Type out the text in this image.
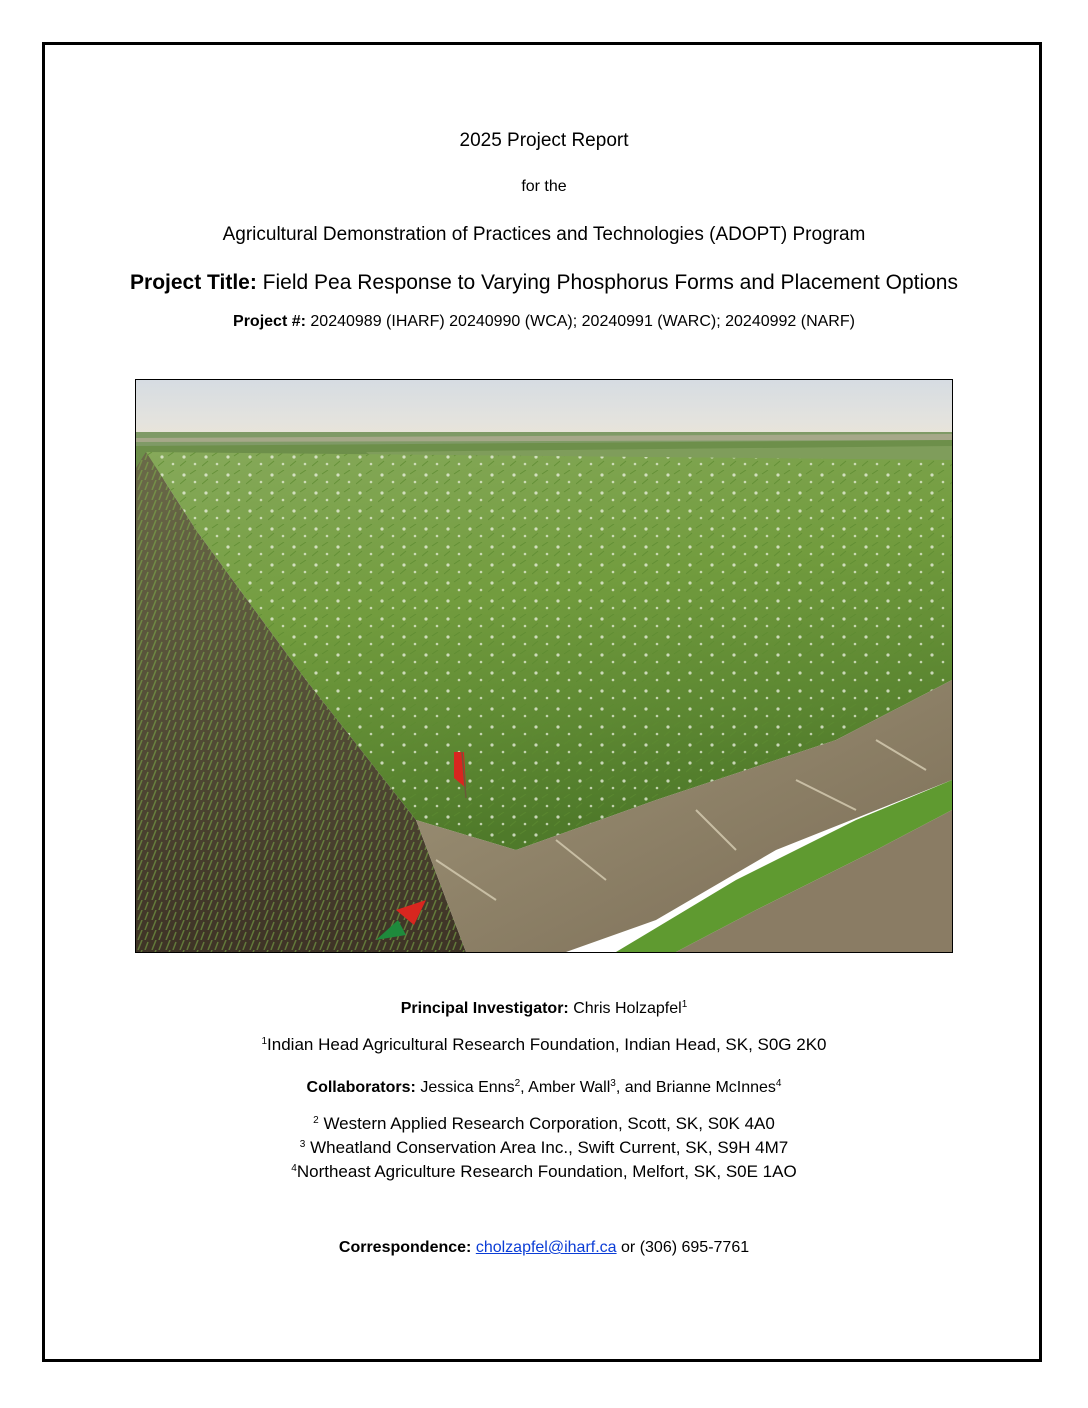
2025 Project Report
for the
Agricultural Demonstration of Practices and Technologies (ADOPT) Program
Project Title: Field Pea Response to Varying Phosphorus Forms and Placement Options
Project #: 20240989 (IHARF) 20240990 (WCA); 20240991 (WARC); 20240992 (NARF)
Principal Investigator: Chris Holzapfel$^1$
$^1$Indian Head Agricultural Research Foundation, Indian Head, SK, S0G 2K0
Collaborators: Jessica Enns$^2$, Amber Wall$^3$, and Brianne McInnes$^4$
$^2$ Western Applied Research Corporation, Scott, SK, S0K 4A0
$^3$ Wheatland Conservation Area Inc., Swift Current, SK, S9H 4M7
$^4$Northeast Agriculture Research Foundation, Melfort, SK, S0E 1AO
Correspondence: cholzapfel@iharf.ca or (306) 695-7761
